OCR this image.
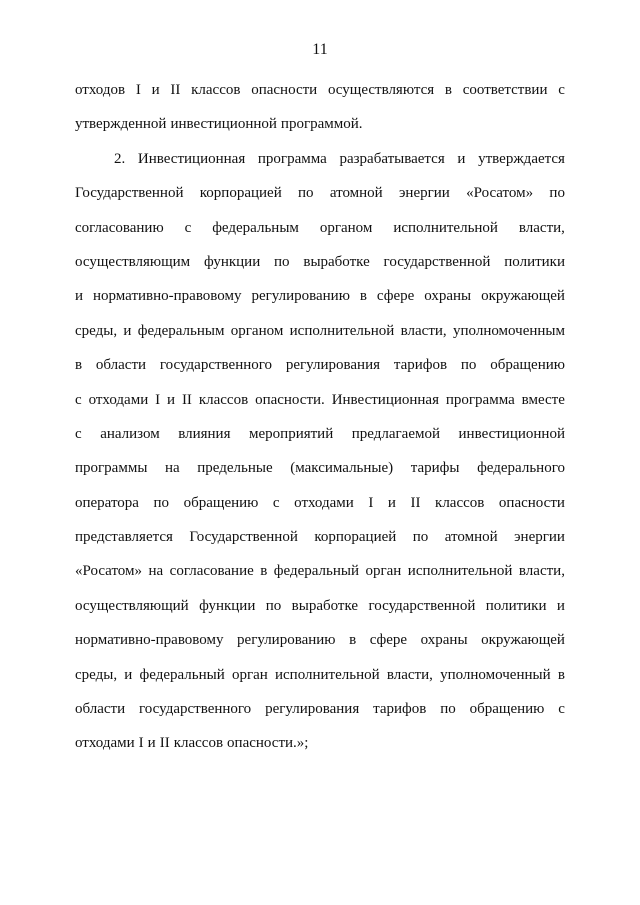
11
отходов I и II классов опасности осуществляются в соответствии с
утвержденной инвестиционной программой.
2. Инвестиционная программа разрабатывается и утверждается
Государственной корпорацией по атомной энергии «Росатом» по
согласованию с федеральным органом исполнительной власти,
осуществляющим функции по выработке государственной политики
и нормативно-правовому регулированию в сфере охраны окружающей
среды, и федеральным органом исполнительной власти, уполномоченным
в области государственного регулирования тарифов по обращению
с отходами I и II классов опасности. Инвестиционная программа вместе
с анализом влияния мероприятий предлагаемой инвестиционной
программы на предельные (максимальные) тарифы федерального
оператора по обращению с отходами I и II классов опасности
представляется Государственной корпорацией по атомной энергии
«Росатом» на согласование в федеральный орган исполнительной власти,
осуществляющий функции по выработке государственной политики и
нормативно-правовому регулированию в сфере охраны окружающей
среды, и федеральный орган исполнительной власти, уполномоченный в
области государственного регулирования тарифов по обращению с
отходами I и II классов опасности.»;
